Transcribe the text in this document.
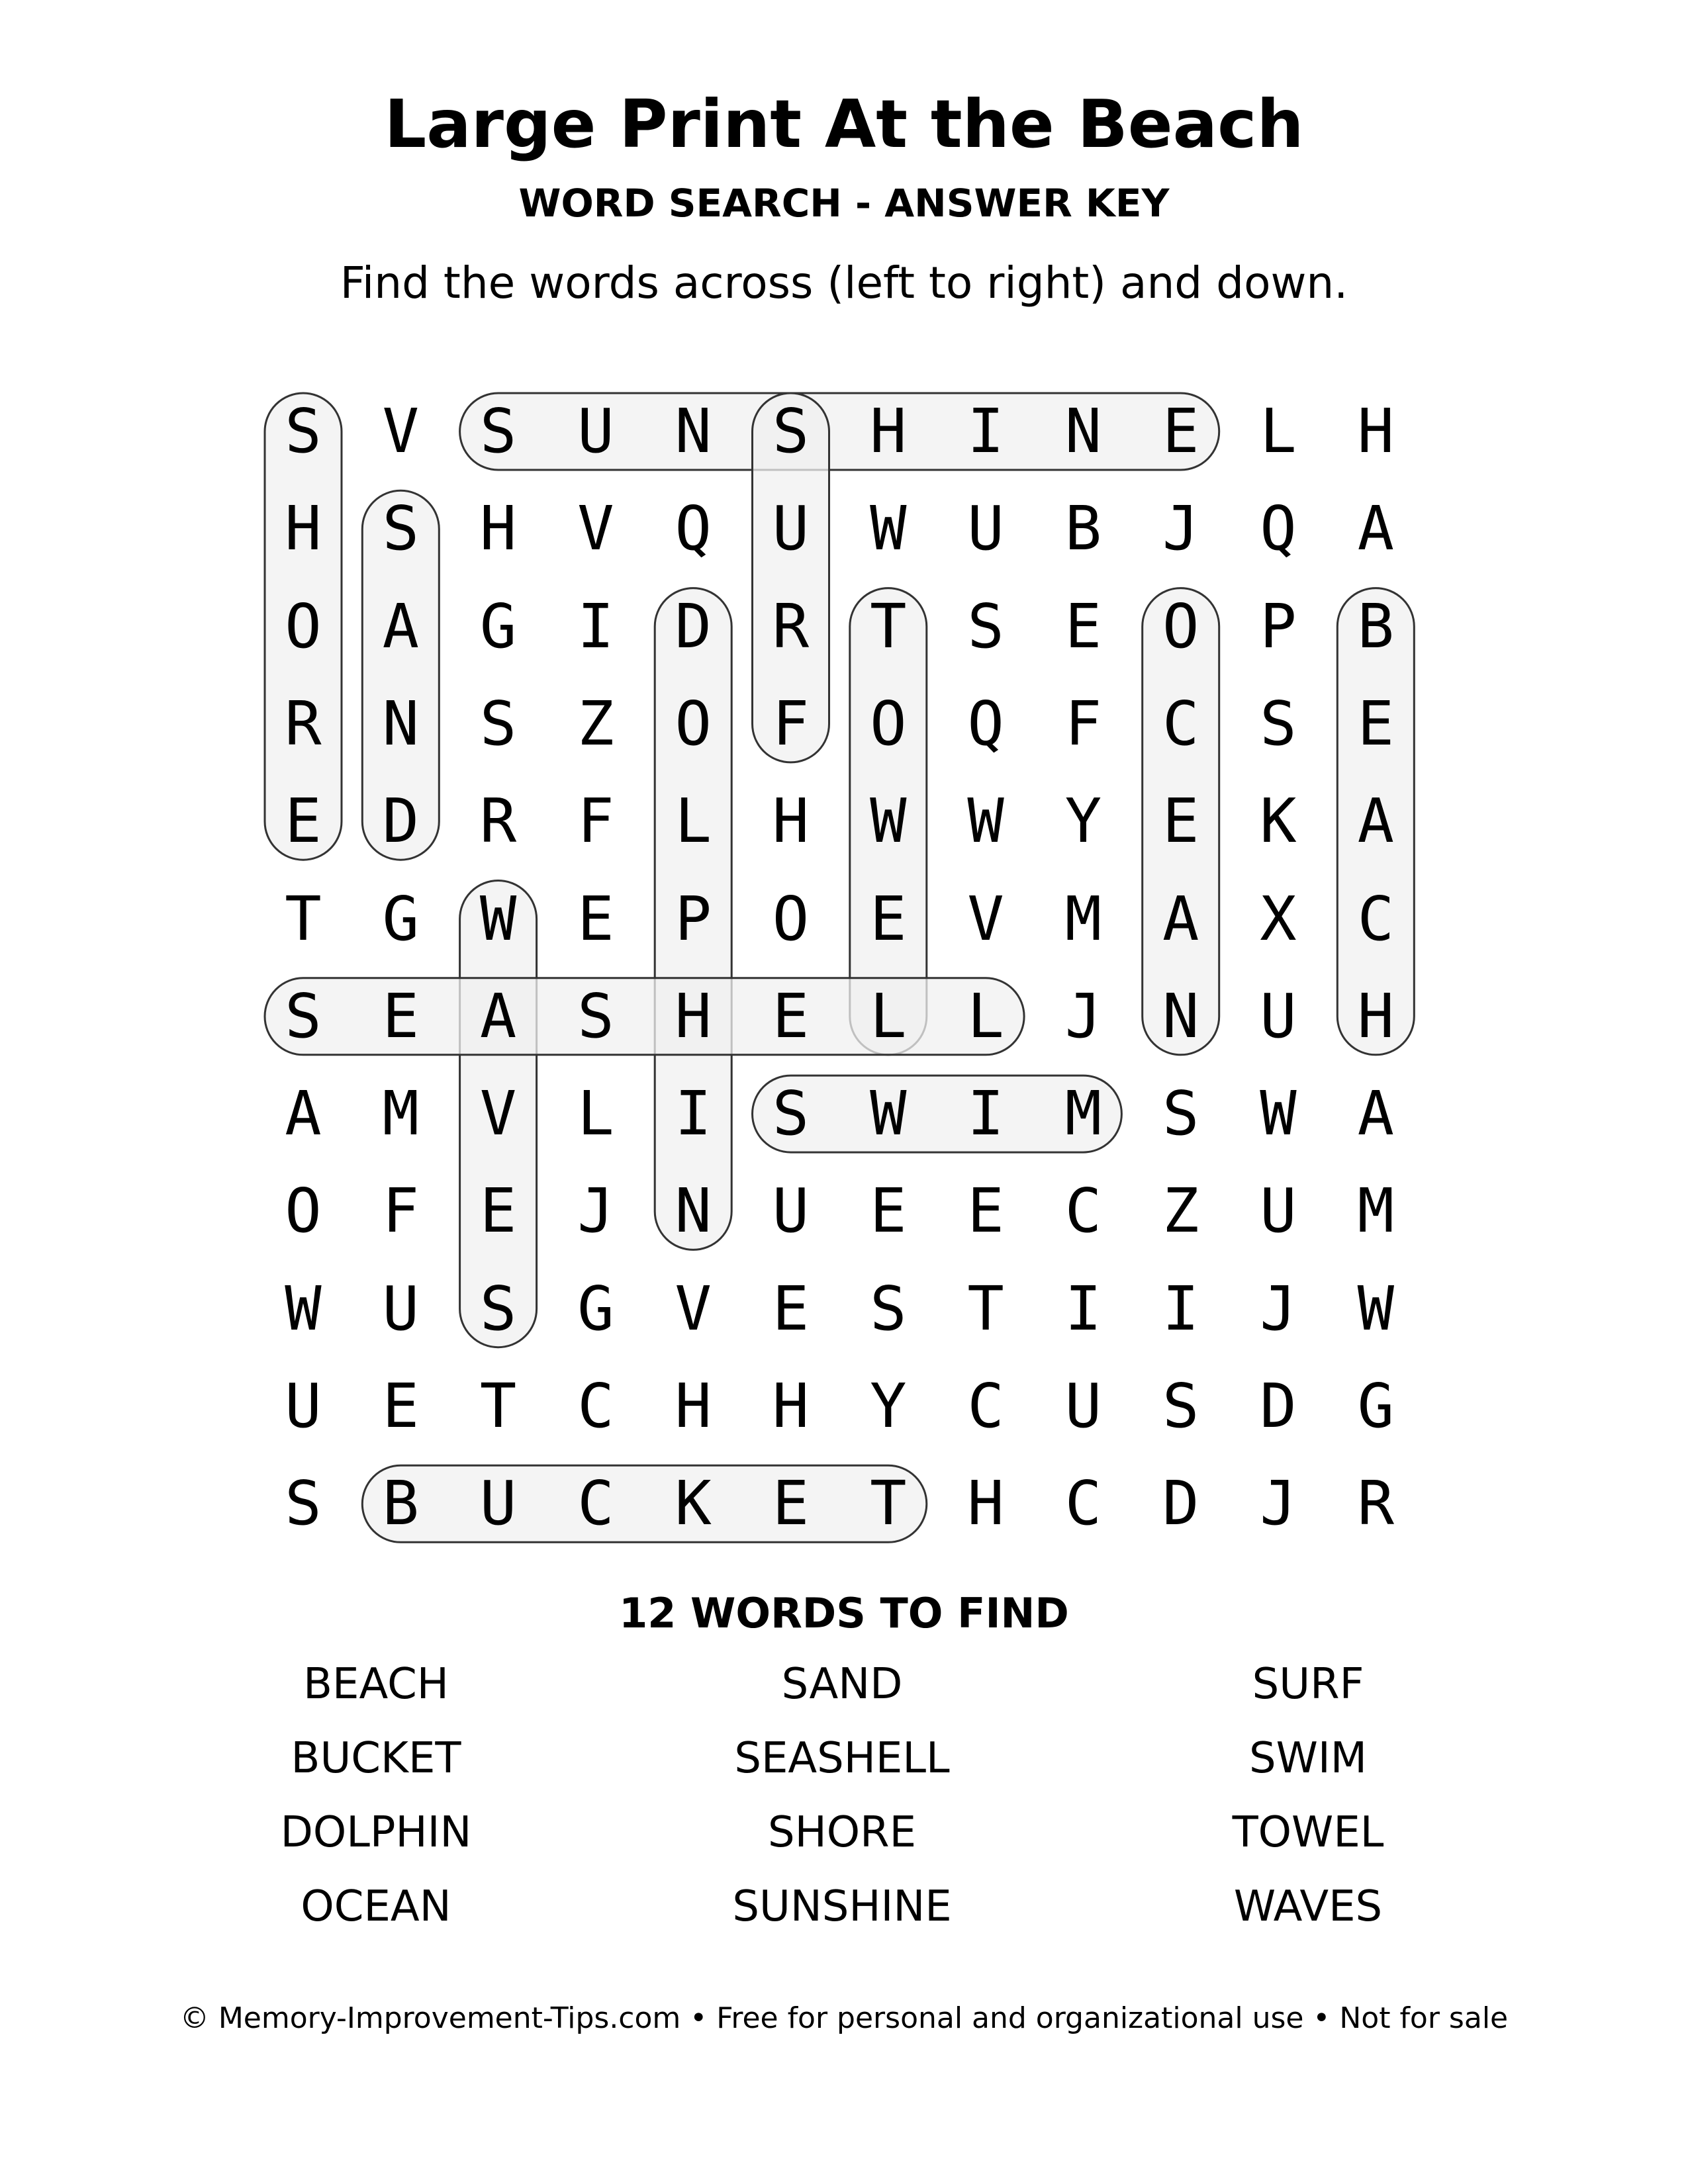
Large Print At the Beach
WORD SEARCH - ANSWER KEY
Find the words across (left to right) and down.
S V S U N S H I N E L H
H S H V Q U W U B J Q A
O A G I D R T S E O P B
R N S Z O F O Q F C S E
E D R F L H W W Y E K A
T G W E P O E V M A X C
S E A S H E L L J N U H
A M V L I S W I M S W A
O F E J N U E E C Z U M
W U S G V E S T I I J W
U E T C H H Y C U S D G
S B U C K E T H C D J R
12 WORDS TO FIND
BEACH
BUCKET
DOLPHIN
OCEAN
SAND
SEASHELL
SHORE
SUNSHINE
SURF
SWIM
TOWEL
WAVES
© Memory-Improvement-Tips.com • Free for personal and organizational use • Not for sale
